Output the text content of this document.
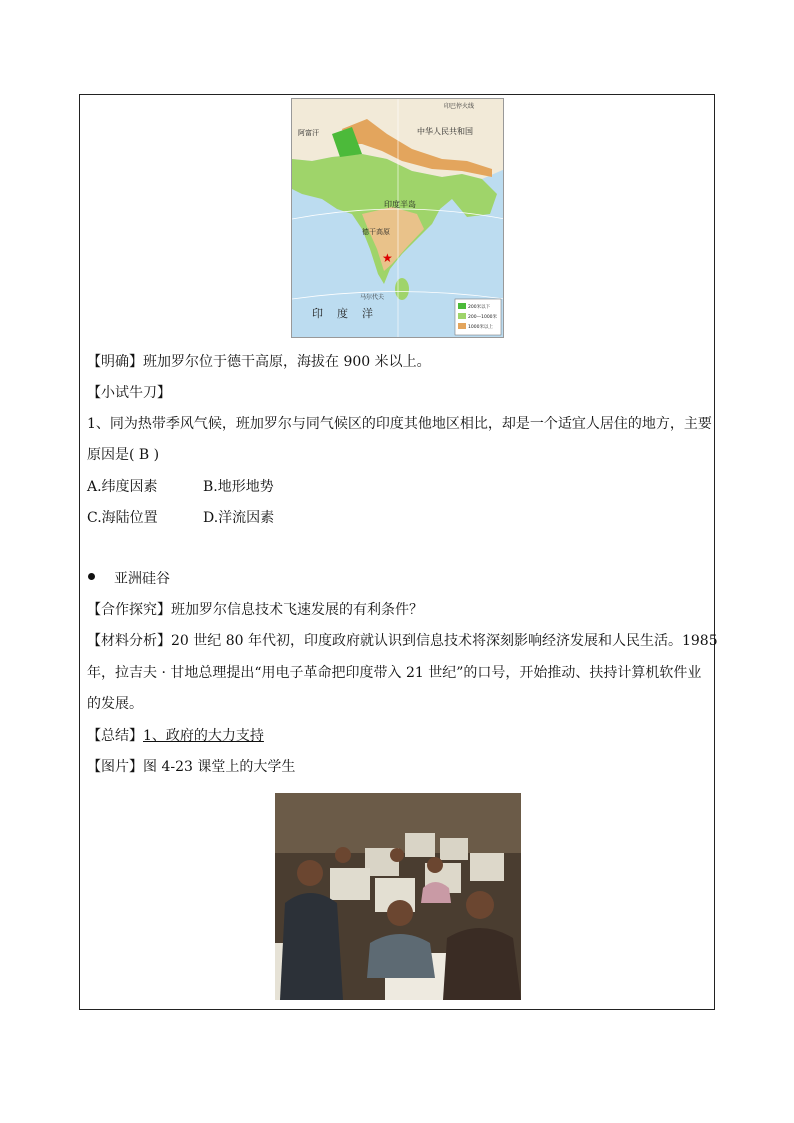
★
印巴停火线
中华人民共和国
阿富汗
印度半岛
德干高原
印度洋
马尔代夫
200米以下
200—1000米
1000米以上
【明确】班加罗尔位于德干高原，海拔在 900 米以上。
【小试牛刀】
1、同为热带季风气候，班加罗尔与同气候区的印度其他地区相比，却是一个适宜人居住的地方，主要
原因是( B )
A.纬度因素	B.地形地势
C.海陆位置	D.洋流因素
亚洲硅谷
【合作探究】班加罗尔信息技术飞速发展的有利条件？
【材料分析】20 世纪 80 年代初，印度政府就认识到信息技术将深刻影响经济发展和人民生活。1985
年，拉吉夫 · 甘地总理提出“用电子革命把印度带入 21 世纪”的口号，开始推动、扶持计算机软件业
的发展。
【总结】1、政府的大力支持
【图片】图 4-23 课堂上的大学生
